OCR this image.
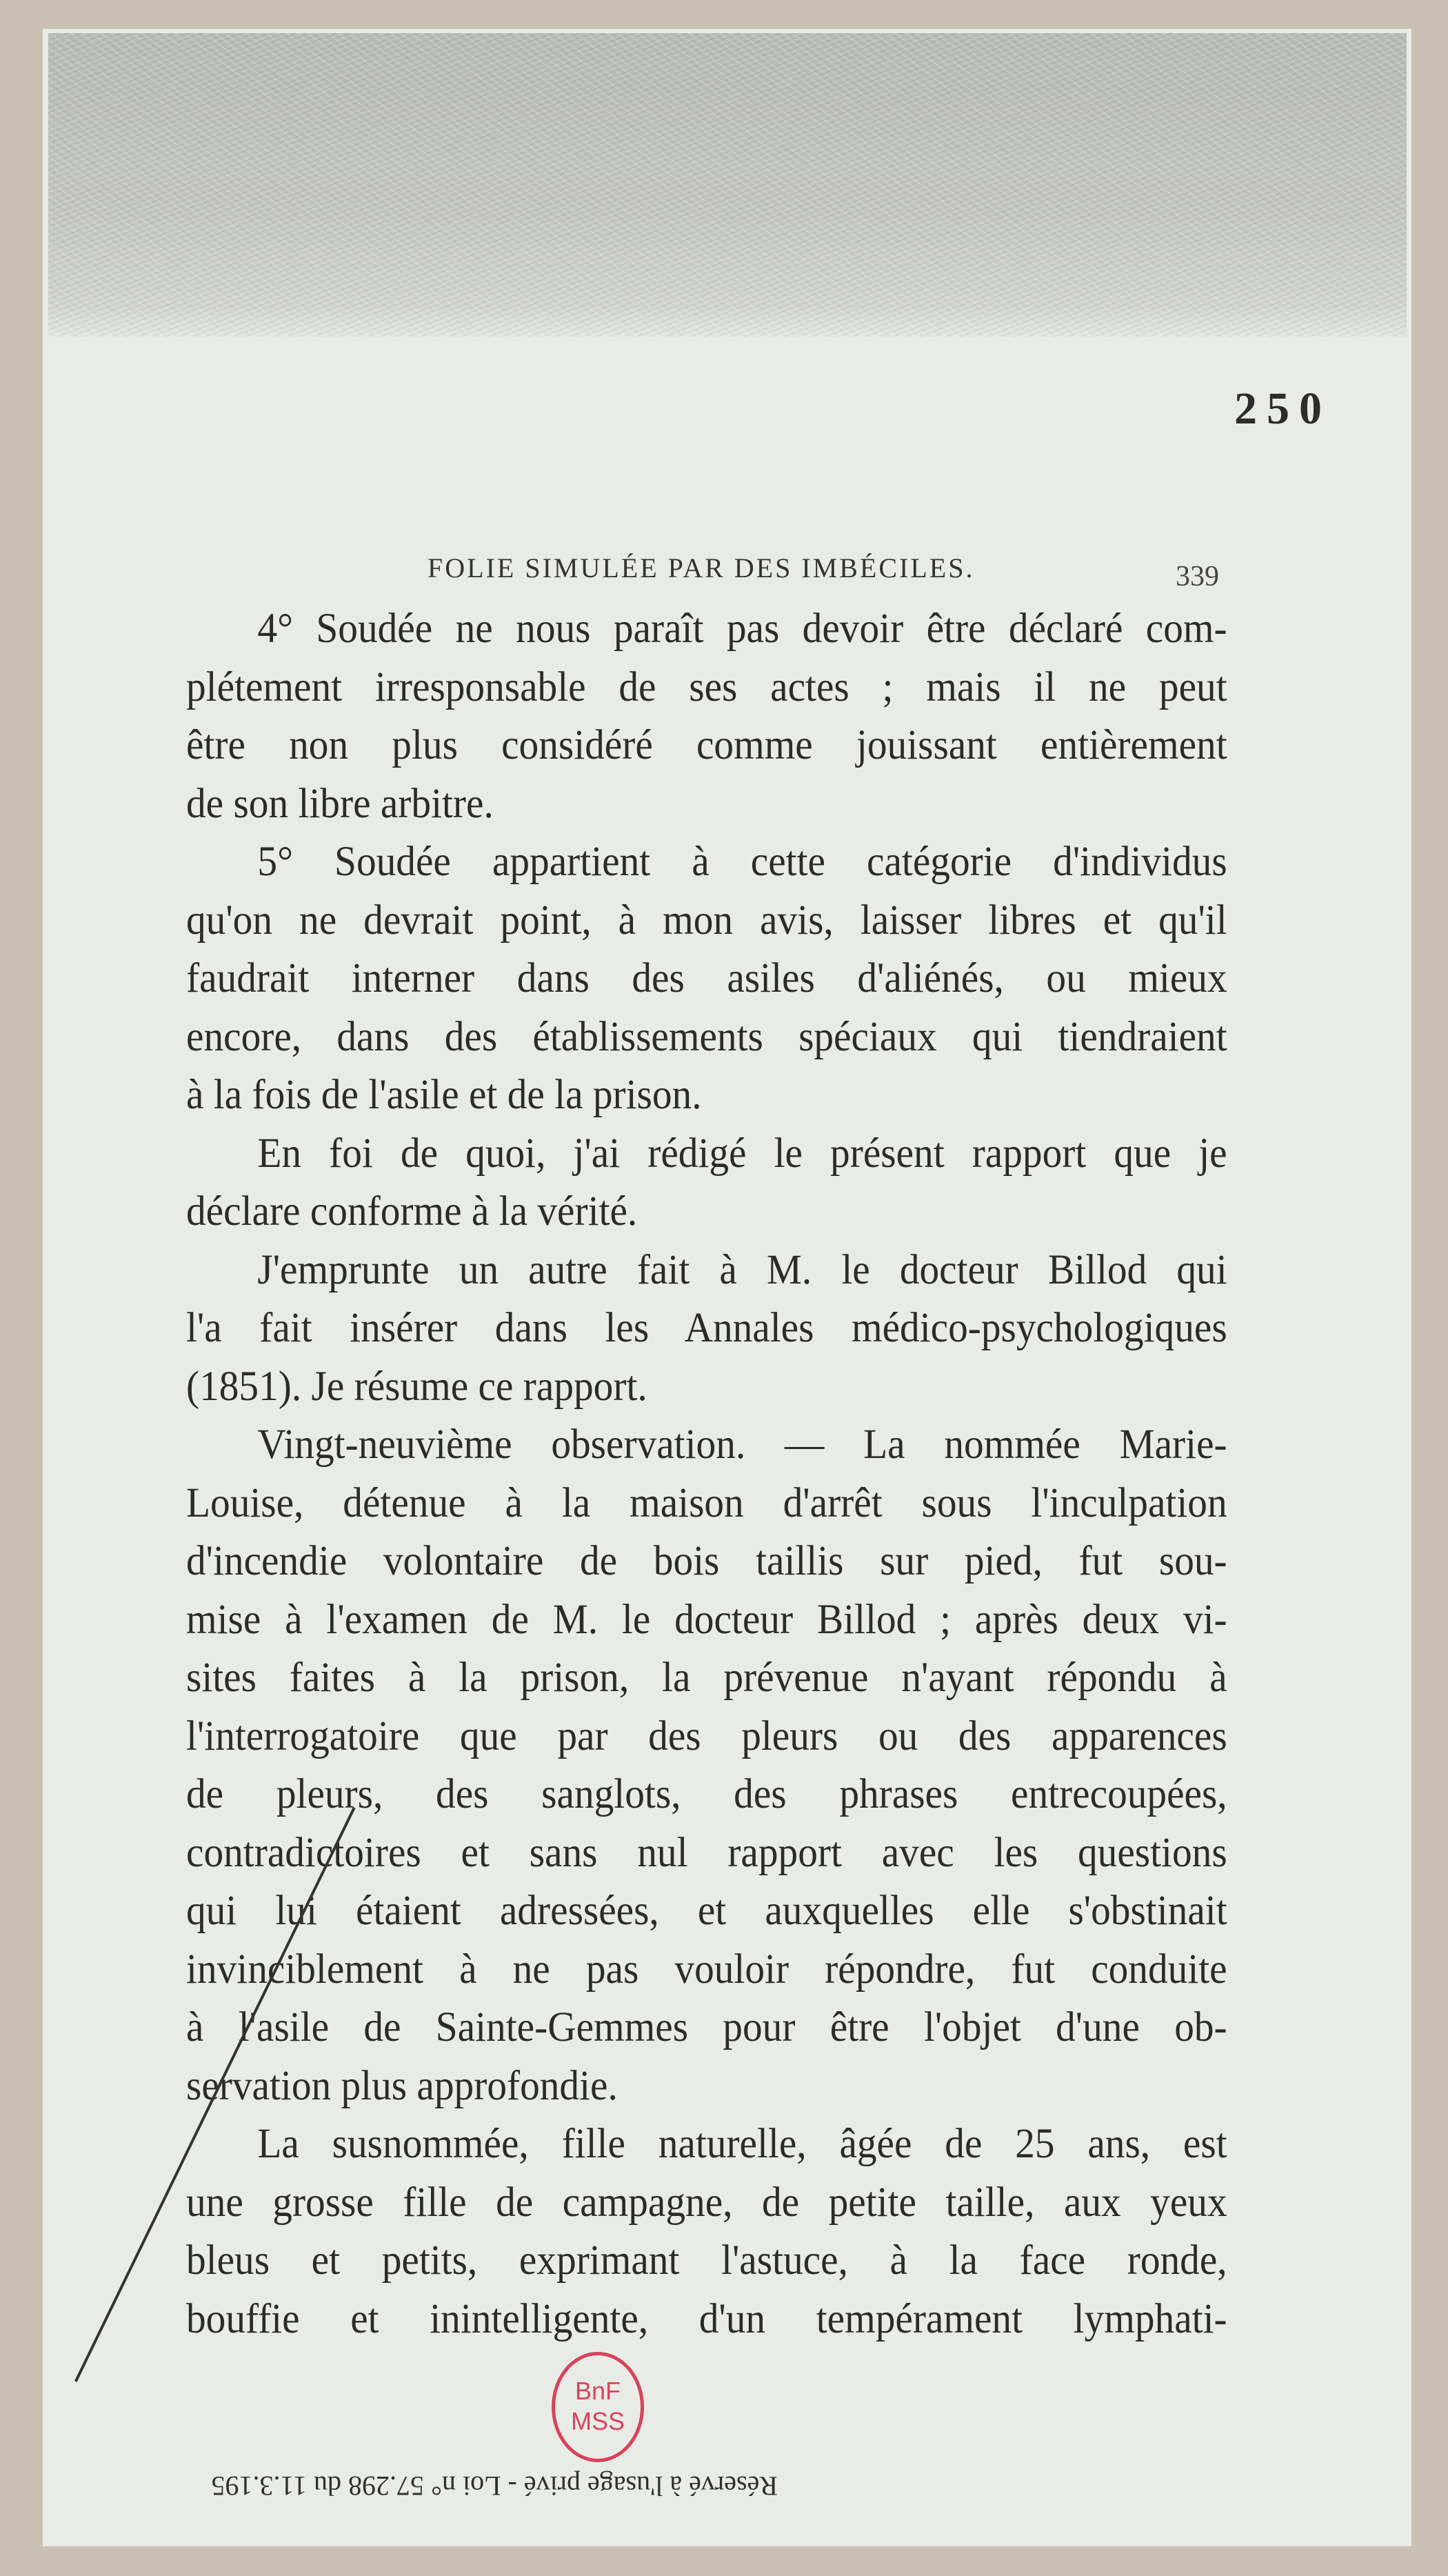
250
FOLIE SIMULÉE PAR DES IMBÉCILES.	339
4° Soudée ne nous paraît pas devoir être déclaré com-
plétement irresponsable de ses actes ; mais il ne peut
être non plus considéré comme jouissant entièrement
de son libre arbitre.
5° Soudée appartient à cette catégorie d'individus
qu'on ne devrait point, à mon avis, laisser libres et qu'il
faudrait interner dans des asiles d'aliénés, ou mieux
encore, dans des établissements spéciaux qui tiendraient
à la fois de l'asile et de la prison.
En foi de quoi, j'ai rédigé le présent rapport que je
déclare conforme à la vérité.
J'emprunte un autre fait à M. le docteur Billod qui
l'a fait insérer dans les Annales médico-psychologiques
(1851). Je résume ce rapport.
Vingt-neuvième observation. — La nommée Marie-
Louise, détenue à la maison d'arrêt sous l'inculpation
d'incendie volontaire de bois taillis sur pied, fut sou-
mise à l'examen de M. le docteur Billod ; après deux vi-
sites faites à la prison, la prévenue n'ayant répondu à
l'interrogatoire que par des pleurs ou des apparences
de pleurs, des sanglots, des phrases entrecoupées,
contradictoires et sans nul rapport avec les questions
qui lui étaient adressées, et auxquelles elle s'obstinait
invinciblement à ne pas vouloir répondre, fut conduite
à l'asile de Sainte-Gemmes pour être l'objet d'une ob-
servation plus approfondie.
La susnommée, fille naturelle, âgée de 25 ans, est
une grosse fille de campagne, de petite taille, aux yeux
bleus et petits, exprimant l'astuce, à la face ronde,
bouffie et inintelligente, d'un tempérament lymphati-
BnF
MSS
Réservé à l'usage privé - Loi n° 57.298 du 11.3.195
